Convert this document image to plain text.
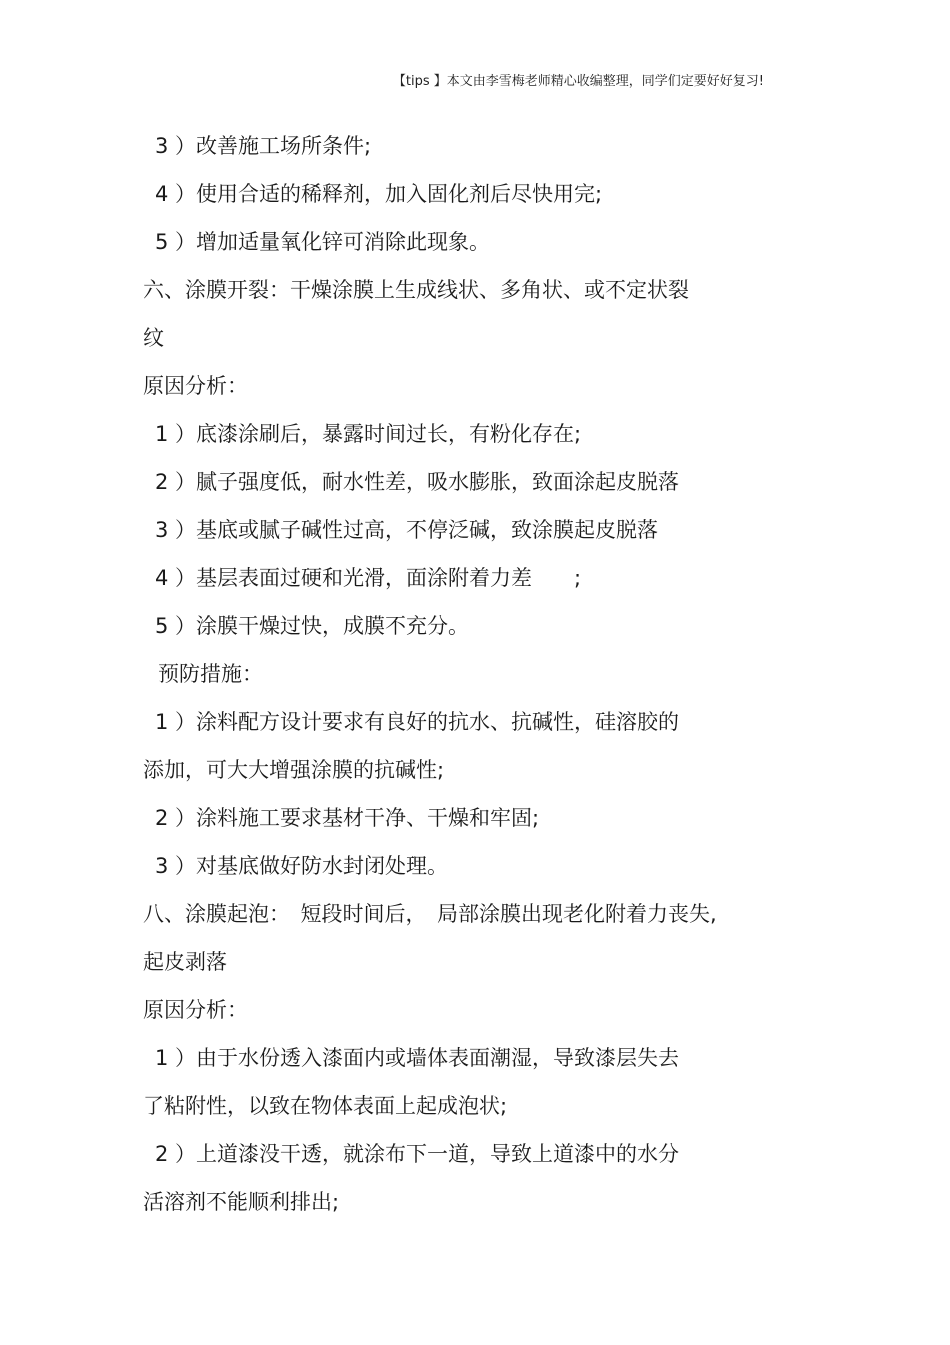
【tips 】本文由李雪梅老师精心收编整理，同学们定要好好复习!
3 ）改善施工场所条件;
4 ）使用合适的稀释剂，加入固化剂后尽快用完;
5 ）增加适量氧化锌可消除此现象。
六、涂膜开裂：干燥涂膜上生成线状、多角状、或不定状裂
纹
原因分析：
1 ）底漆涂刷后，暴露时间过长，有粉化存在;
2 ）腻子强度低，耐水性差，吸水膨胀，致面涂起皮脱落
3 ）基底或腻子碱性过高，不停泛碱，致涂膜起皮脱落
4 ）基层表面过硬和光滑，面涂附着力差　　;
5 ）涂膜干燥过快，成膜不充分。
预防措施：
1 ）涂料配方设计要求有良好的抗水、抗碱性，硅溶胶的
添加，可大大增强涂膜的抗碱性;
2 ）涂料施工要求基材干净、干燥和牢固;
3 ）对基底做好防水封闭处理。
八、涂膜起泡：　短段时间后，　局部涂膜出现老化附着力丧失,
起皮剥落
原因分析：
1 ）由于水份透入漆面内或墙体表面潮湿，导致漆层失去
了粘附性，以致在物体表面上起成泡状;
2 ）上道漆没干透，就涂布下一道，导致上道漆中的水分
活溶剂不能顺利排出;
